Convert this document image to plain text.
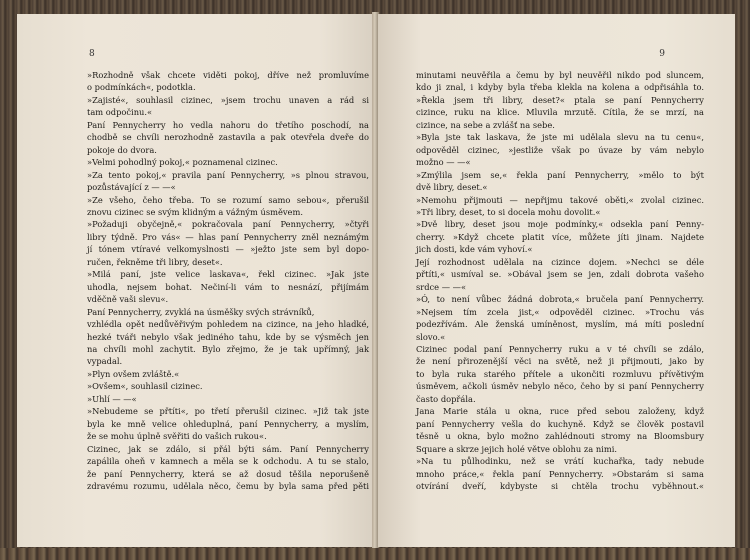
8
»Rozhodně však chcete viděti pokoj, dříve než promluvíme
o podmínkách«, podotkla.
»Zajisté«, souhlasil cizinec, »jsem trochu unaven a rád si
tam odpočinu.«
Paní Pennycherry ho vedla nahoru do třetího poschodí, na
chodbě se chvíli nerozhodně zastavila a pak otevřela dveře do
pokoje do dvora.
»Velmi pohodlný pokoj,« poznamenal cizinec.
»Za tento pokoj,« pravila paní Pennycherry, »s plnou stravou,
pozůstávající z — —«
»Ze všeho, čeho třeba. To se rozumí samo sebou«, přerušil
znovu cizinec se svým klidným a vážným úsměvem.
»Požaduji obyčejně,« pokračovala paní Pennycherry, »čtyři
libry týdně. Pro vás« — hlas paní Pennycherry zněl neznámým
jí tónem vtíravé velkomyslnosti — »ježto jste sem byl dopo-
ručen, řekněme tři libry, deset«.
»Milá paní, jste velice laskava«, řekl cizinec. »Jak jste
uhodla, nejsem bohat. Nečiní-li vám to nesnází, přijímám
vděčně vaši slevu«.
Paní Pennycherry, zvyklá na úsměšky svých strávníků,
vzhlédla opět nedůvěřivým pohledem na cizince, na jeho hladké,
hezké tváři nebylo však jediného tahu, kde by se výsměch jen
na chvíli mohl zachytit. Bylo zřejmo, že je tak upřímný, jak
vypadal.
»Plyn ovšem zvláště.«
»Ovšem«, souhlasil cizinec.
»Uhlí — —«
»Nebudeme se přtíti«, po třetí přerušil cizinec. »Již tak jste
byla ke mně velice ohleduplná, paní Pennycherry, a myslím,
že se mohu úplně svěřiti do vašich rukou«.
Cizinec, jak se zdálo, si přál býti sám. Paní Pennycherry
zapálila oheň v kamnech a měla se k odchodu. A tu se stalo,
že paní Pennycherry, která se až dosud těšila neporušeně
zdravému rozumu, udělala něco, čemu by byla sama před pěti
9
minutami neuvěřila a čemu by byl neuvěřil nikdo pod sluncem,
kdo ji znal, i kdyby byla třeba klekla na kolena a odpřisáhla to.
»Řekla jsem tři libry, deset?« ptala se paní Pennycherry
cizince, ruku na klice. Mluvila mrzutě. Cítila, že se mrzí, na
cizince, na sebe a zvlášť na sebe.
»Byla jste tak laskava, že jste mi udělala slevu na tu cenu«,
odpověděl cizinec, »jestliže však po úvaze by vám nebylo
možno — —«
»Zmýlila jsem se,« řekla paní Pennycherry, »mělo to být
dvě libry, deset.«
»Nemohu přijmouti — nepřijmu takové oběti,« zvolal cizinec.
»Tři libry, deset, to si docela mohu dovolit.«
»Dvě libry, deset jsou moje podmínky,« odsekla paní Penny-
cherry. »Když chcete platit více, můžete jíti jinam. Najdete
jich dosti, kde vám vyhoví.«
Její rozhodnost udělala na cizince dojem. »Nechci se déle
přtíti,« usmíval se. »Obával jsem se jen, zdali dobrota vašeho
srdce — —«
»Ó, to není vůbec žádná dobrota,« bručela paní Pennycherry.
»Nejsem tím zcela jist,« odpověděl cizinec. »Trochu vás
podezřívám. Ale ženská umíněnost, myslím, má míti poslední
slovo.«
Cizinec podal paní Pennycherry ruku a v té chvíli se zdálo,
že není přirozenější věci na světě, než ji přijmouti, jako by
to byla ruka starého přítele a ukončiti rozmluvu přívětivým
úsměvem, ačkoli úsměv nebylo něco, čeho by si paní Pennycherry
často dopřála.
Jana Marie stála u okna, ruce před sebou založeny, když
paní Pennycherry vešla do kuchyně. Když se člověk postavil
těsně u okna, bylo možno zahlédnouti stromy na Bloomsbury
Square a skrze jejich holé větve oblohu za nimi.
»Na tu půlhodinku, než se vrátí kuchařka, tady nebude
mnoho práce,« řekla paní Pennycherry. »Obstarám si sama
otvírání dveří, kdybyste si chtěla trochu vyběhnout.«
